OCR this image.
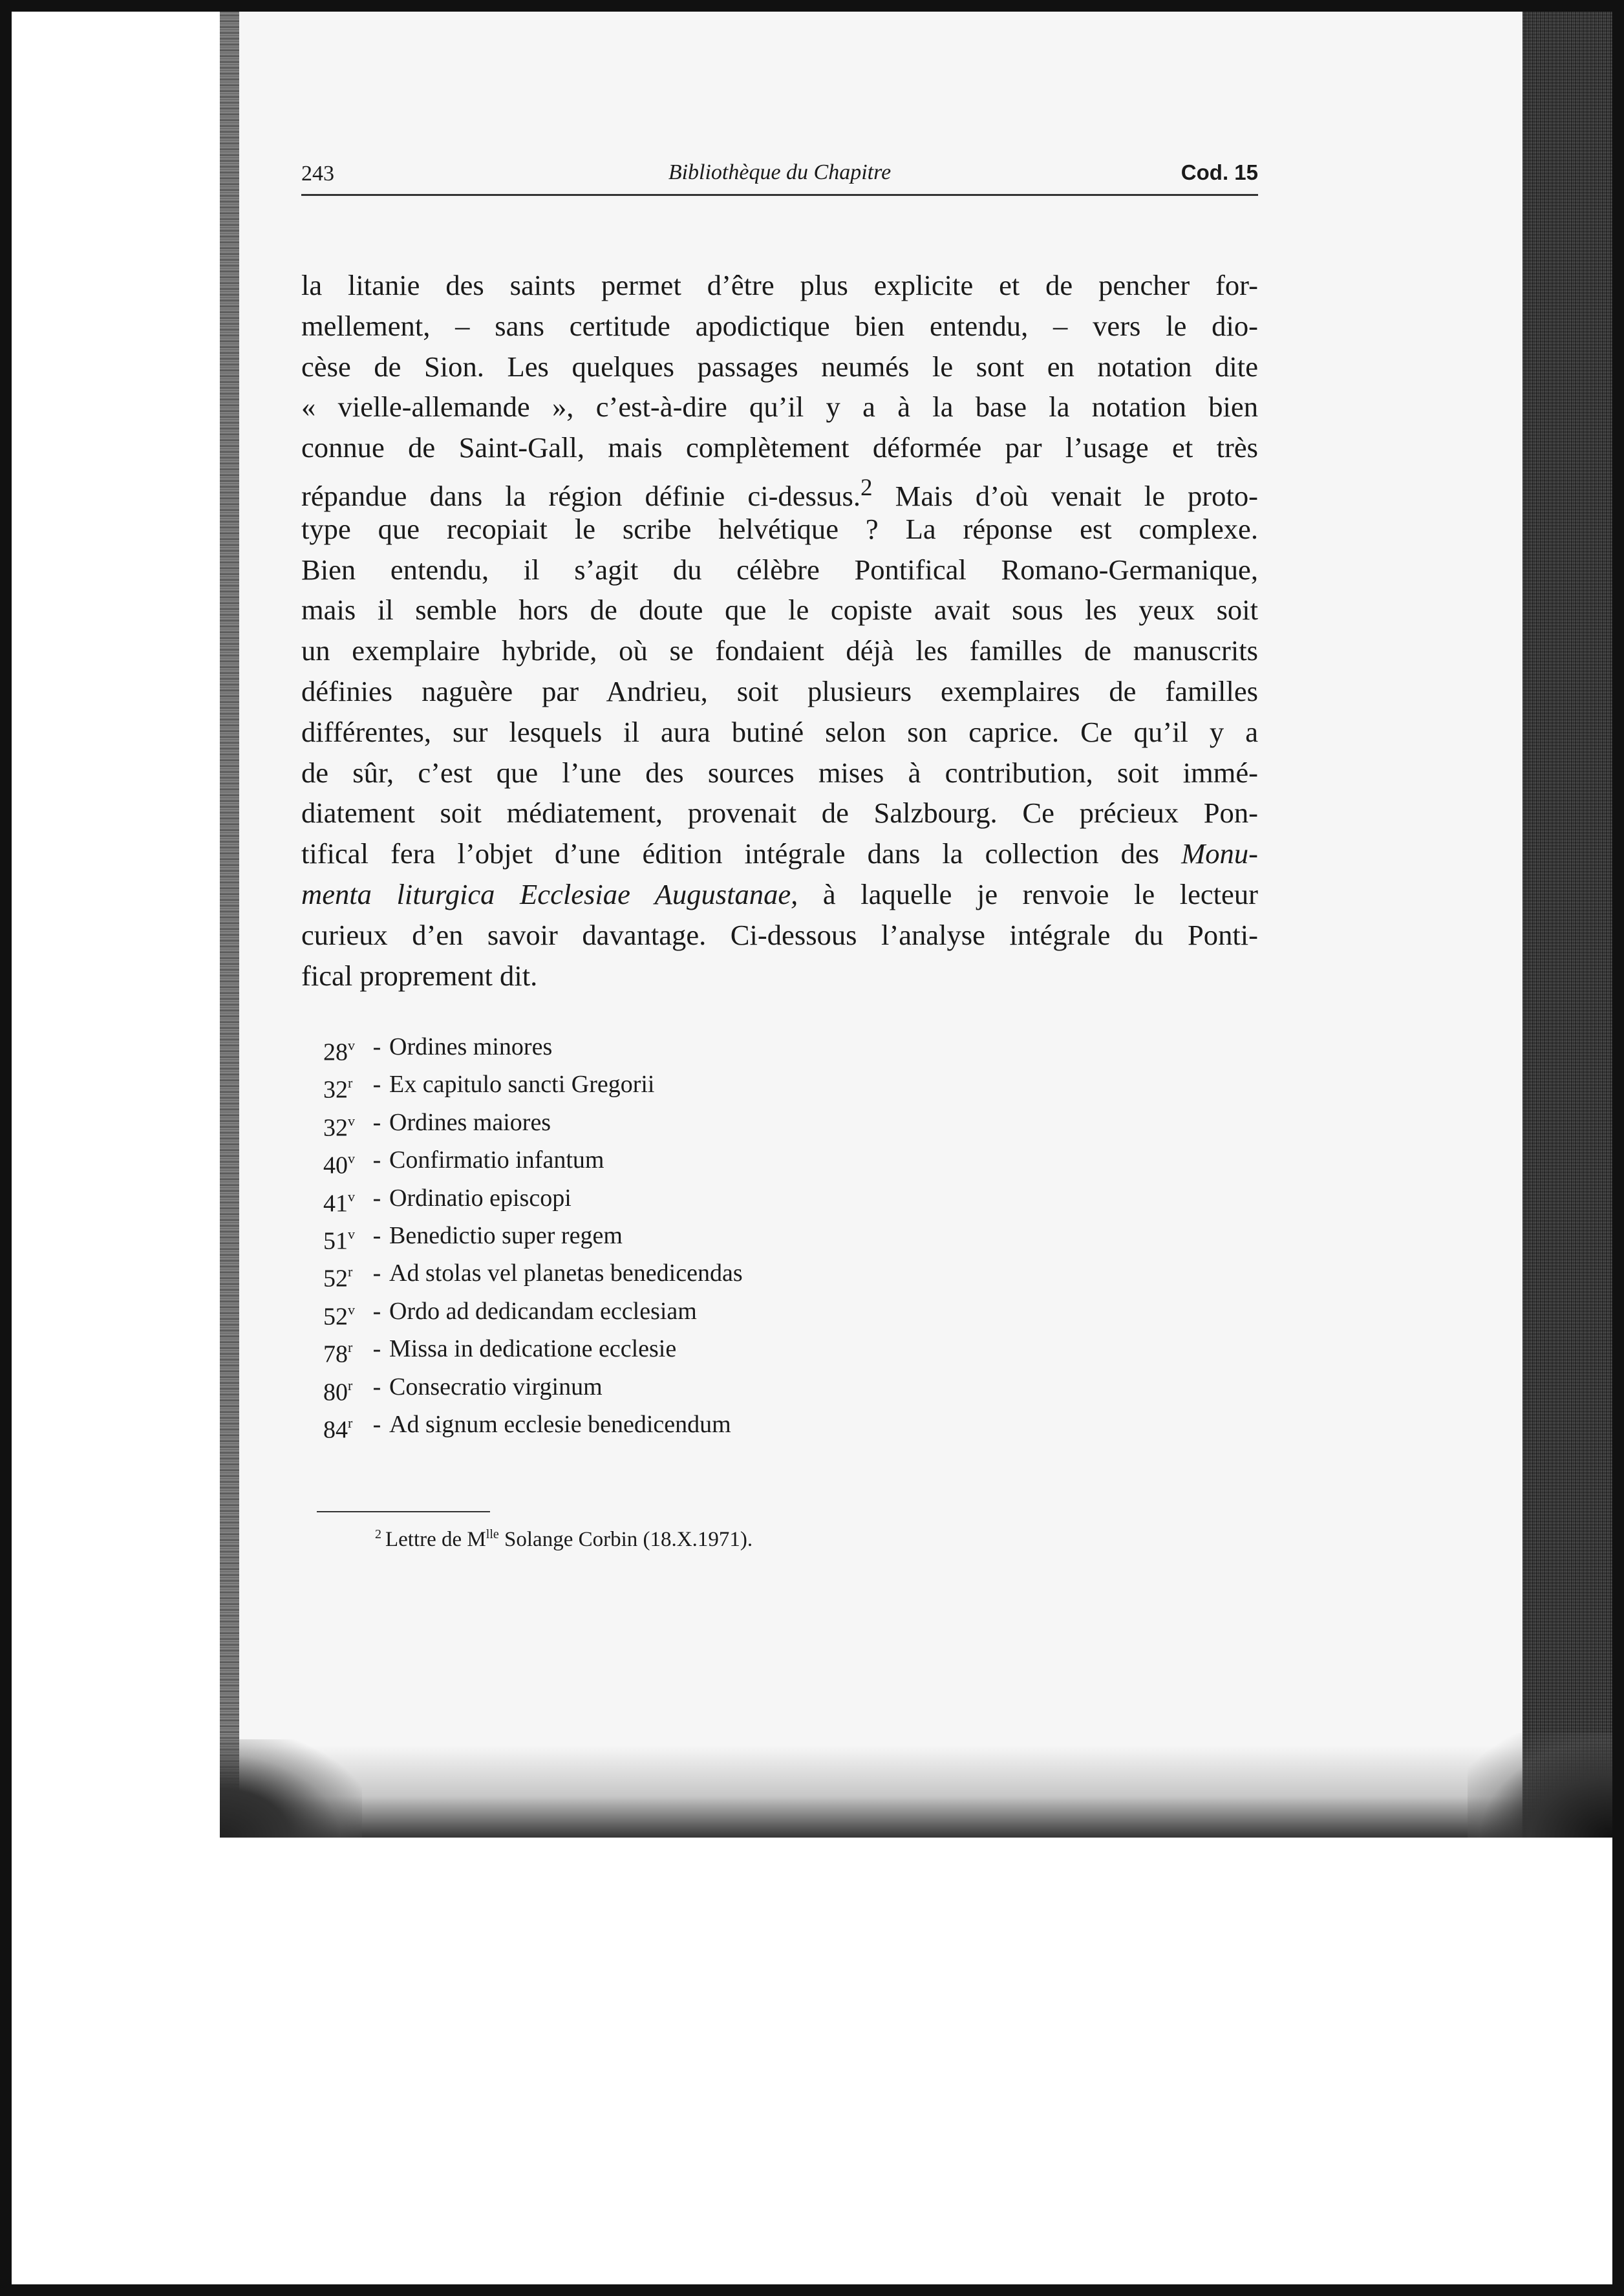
243	Bibliothèque du Chapitre	Cod. 15
la litanie des saints permet d’être plus explicite et de pencher for-
mellement, – sans certitude apodictique bien entendu, – vers le dio-
cèse de Sion. Les quelques passages neumés le sont en notation dite
« vielle-allemande », c’est-à-dire qu’il y a à la base la notation bien
connue de Saint-Gall, mais complètement déformée par l’usage et très
répandue dans la région définie ci-dessus.$^2$ Mais d’où venait le proto-
type que recopiait le scribe helvétique ? La réponse est complexe.
Bien entendu, il s’agit du célèbre Pontifical Romano-Germanique,
mais il semble hors de doute que le copiste avait sous les yeux soit
un exemplaire hybride, où se fondaient déjà les familles de manuscrits
définies naguère par Andrieu, soit plusieurs exemplaires de familles
différentes, sur lesquels il aura butiné selon son caprice. Ce qu’il y a
de sûr, c’est que l’une des sources mises à contribution, soit immé-
diatement soit médiatement, provenait de Salzbourg. Ce précieux Pon-
tifical fera l’objet d’une édition intégrale dans la collection des Monu-
menta liturgica Ecclesiae Augustanae, à laquelle je renvoie le lecteur
curieux d’en savoir davantage. Ci-dessous l’analyse intégrale du Ponti-
fical proprement dit.
28$^v$ - Ordines minores
32$^r$ - Ex capitulo sancti Gregorii
32$^v$ - Ordines maiores
40$^v$ - Confirmatio infantum
41$^v$ - Ordinatio episcopi
51$^v$ - Benedictio super regem
52$^r$ - Ad stolas vel planetas benedicendas
52$^v$ - Ordo ad dedicandam ecclesiam
78$^r$ - Missa in dedicatione ecclesie
80$^r$ - Consecratio virginum
84$^r$ - Ad signum ecclesie benedicendum
$^2$ Lettre de $M^{lle}$ Solange Corbin (18.X.1971).
